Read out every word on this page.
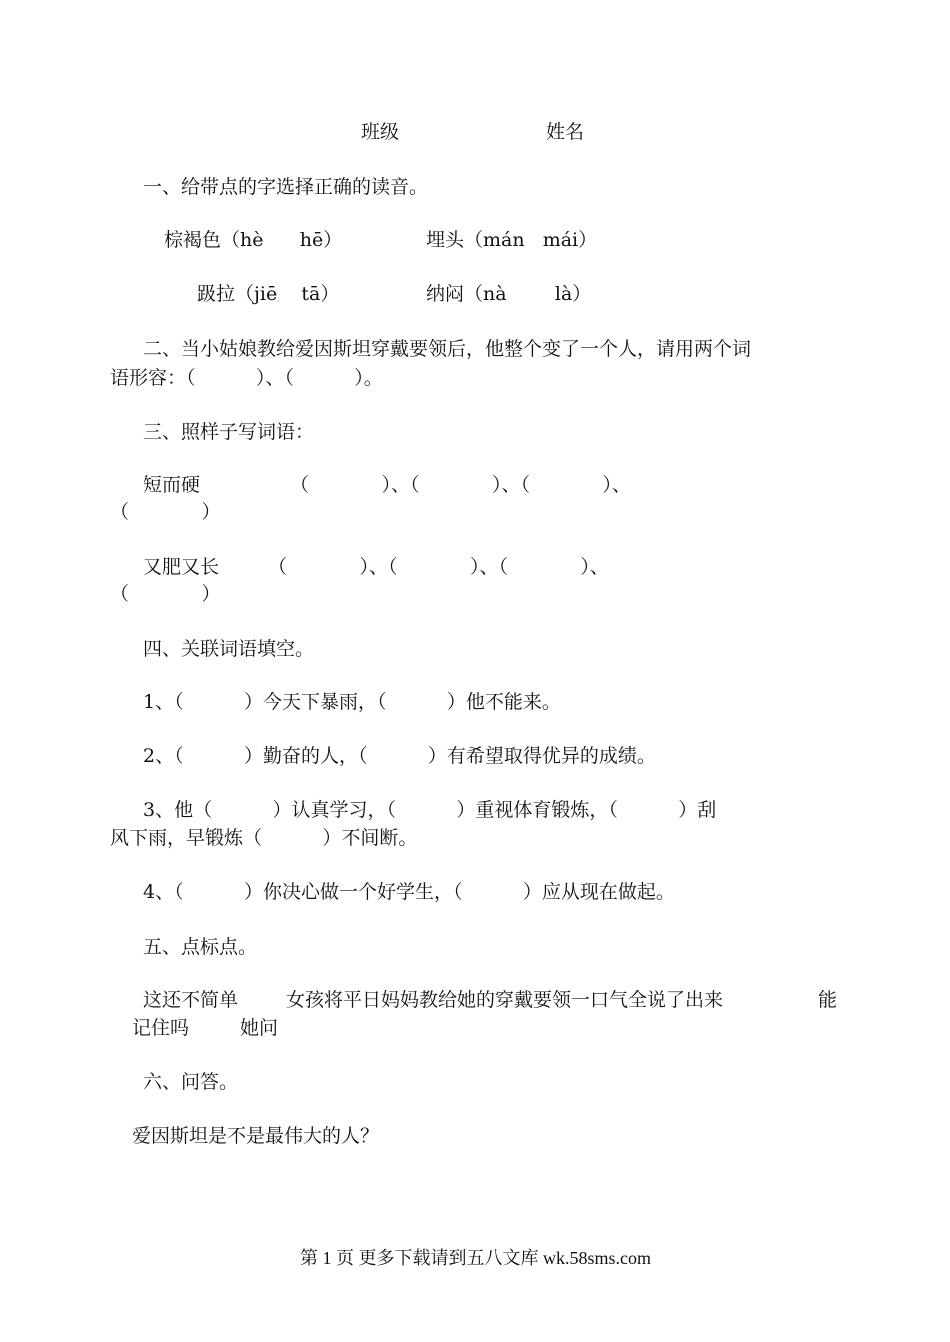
班级	姓名
一、给带点的字选择正确的读音。
棕褐色（hè      hē）	埋头（mán   mái）
趿拉（jiē    tā）	纳闷（nà        là）
二、当小姑娘教给爱因斯坦穿戴要领后，他整个变了一个人，请用两个词
语形容：（          ）、（          ）。
三、照样子写词语：
短而硬	（            ）、（            ）、（            ）、
（            ）
又肥又长	（            ）、（            ）、（            ）、
（            ）
四、关联词语填空。
1、（          ）今天下暴雨，（          ）他不能来。
2、（          ）勤奋的人，（          ）有希望取得优异的成绩。
3、他（          ）认真学习，（          ）重视体育锻炼，（          ）刮
风下雨，早锻炼（          ）不间断。
4、（          ）你决心做一个好学生，（          ）应从现在做起。
五、点标点。
这还不简单	女孩将平日妈妈教给她的穿戴要领一口气全说了出来	能
记住吗	她问
六、问答。
爱因斯坦是不是最伟大的人？
第 1 页 更多下载请到五八文库 wk.58sms.com
